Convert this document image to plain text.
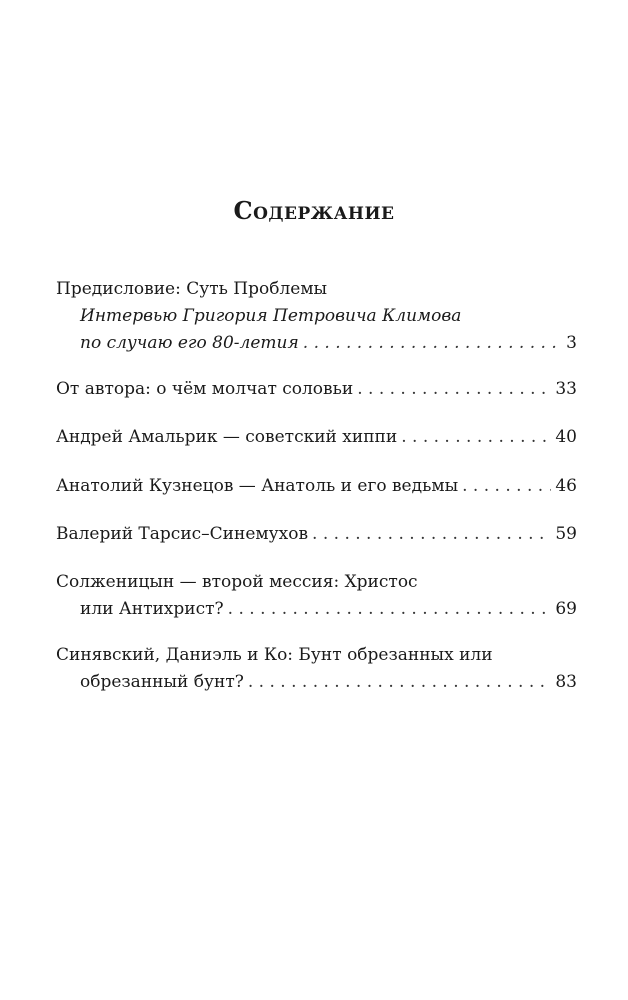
Содержание
Предисловие: Суть Проблемы
Интервью Григория Петровича Климова
по случаю его 80-летия . . .	3
От автора: о чём молчат соловьи . . .	33
Андрей Амальрик — советский хиппи . . .	40
Анатолий Кузнецов — Анатоль и его ведьмы . . .	46
Валерий Тарсис–Синемухов . . .	59
Солженицын — второй мессия: Христос
или Антихрист? . . .	69
Синявский, Даниэль и Ко: Бунт обрезанных или
обрезанный бунт? . . .	83
